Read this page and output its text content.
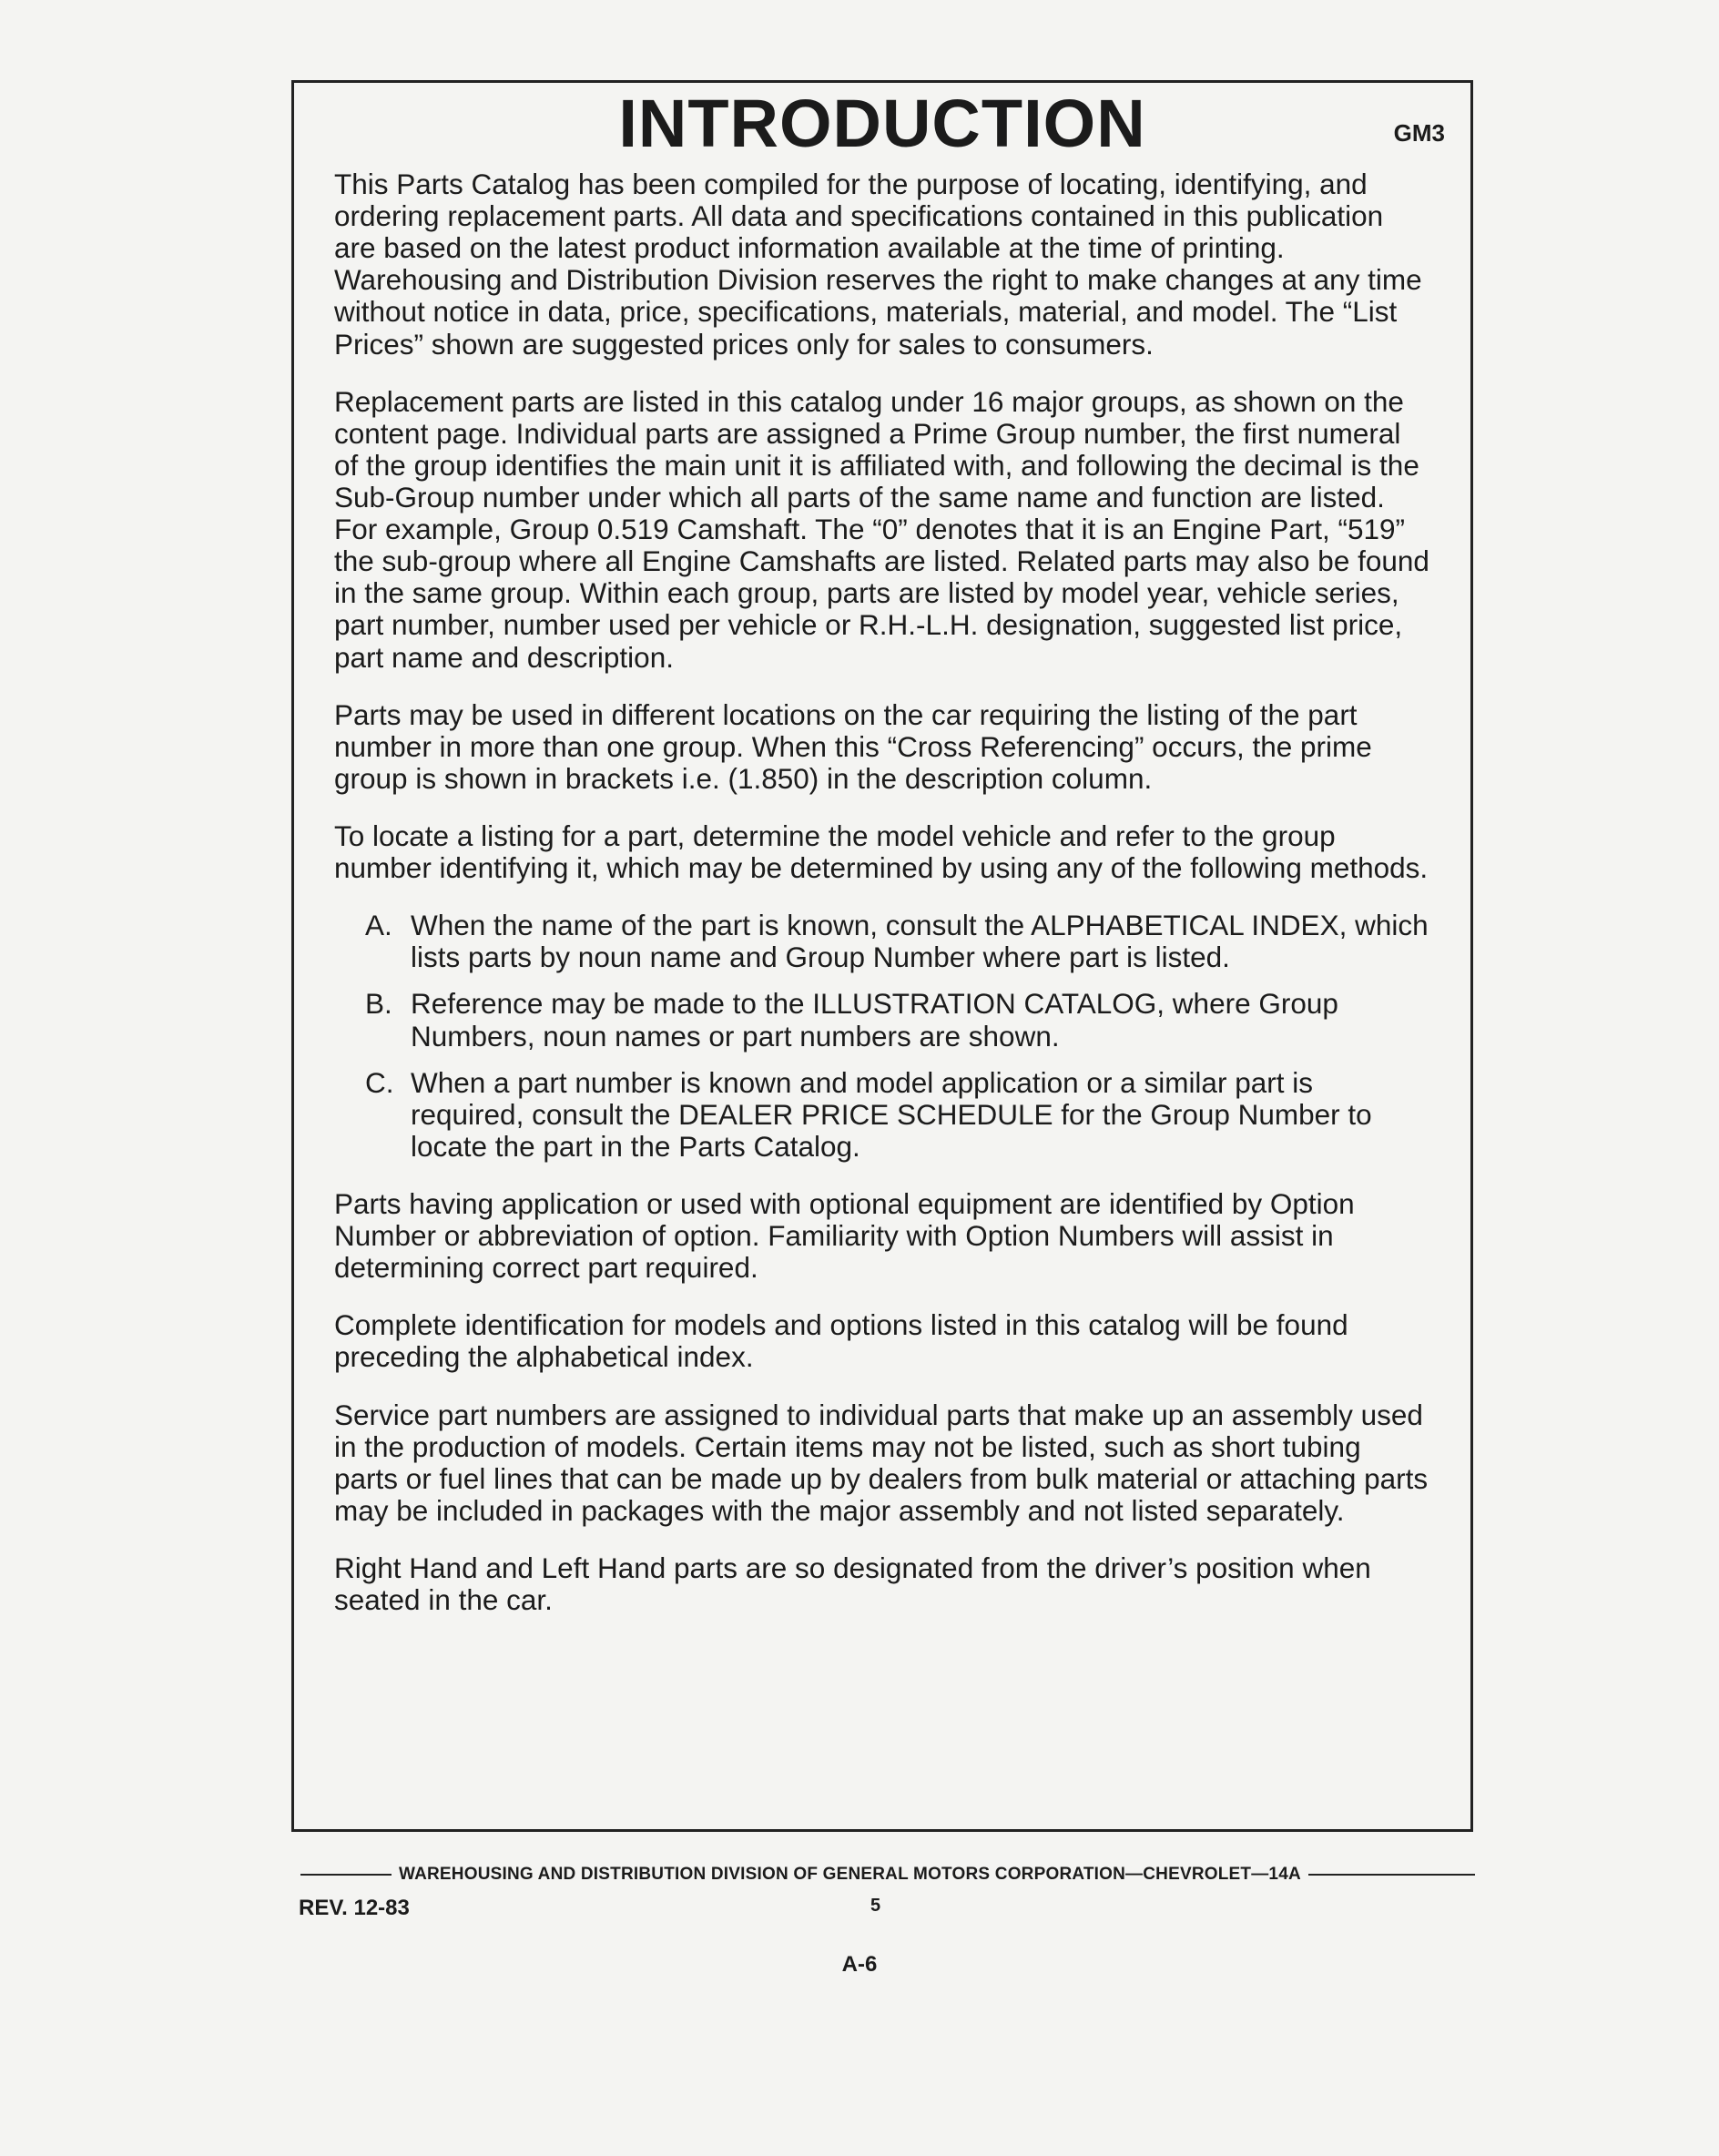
INTRODUCTION	GM3

This Parts Catalog has been compiled for the purpose of locating, identifying, and ordering replacement parts. All data and specifications contained in this publication are based on the latest product information available at the time of printing. Warehousing and Distribution Division reserves the right to make changes at any time without notice in data, price, specifications, materials, material, and model. The “List Prices” shown are suggested prices only for sales to consumers.

Replacement parts are listed in this catalog under 16 major groups, as shown on the content page. Individual parts are assigned a Prime Group number, the first numeral of the group identifies the main unit it is affiliated with, and following the decimal is the Sub-Group number under which all parts of the same name and function are listed. For example, Group 0.519 Camshaft. The “0” denotes that it is an Engine Part, “519” the sub-group where all Engine Camshafts are listed. Related parts may also be found in the same group. Within each group, parts are listed by model year, vehicle series, part number, number used per vehicle or R.H.-L.H. designation, suggested list price, part name and description.

Parts may be used in different locations on the car requiring the listing of the part number in more than one group. When this “Cross Referencing” occurs, the prime group is shown in brackets i.e. (1.850) in the description column.

To locate a listing for a part, determine the model vehicle and refer to the group number identifying it, which may be determined by using any of the following methods.

A. When the name of the part is known, consult the ALPHABETICAL INDEX, which lists parts by noun name and Group Number where part is listed.
B. Reference may be made to the ILLUSTRATION CATALOG, where Group Numbers, noun names or part numbers are shown.
C. When a part number is known and model application or a similar part is required, consult the DEALER PRICE SCHEDULE for the Group Number to locate the part in the Parts Catalog.

Parts having application or used with optional equipment are identified by Option Number or abbreviation of option. Familiarity with Option Numbers will assist in determining correct part required.

Complete identification for models and options listed in this catalog will be found preceding the alphabetical index.

Service part numbers are assigned to individual parts that make up an assembly used in the production of models. Certain items may not be listed, such as short tubing parts or fuel lines that can be made up by dealers from bulk material or attaching parts may be included in packages with the major assembly and not listed separately.

Right Hand and Left Hand parts are so designated from the driver’s position when seated in the car.

WAREHOUSING AND DISTRIBUTION DIVISION OF GENERAL MOTORS CORPORATION—CHEVROLET—14A
REV. 12-83	5
A-6
